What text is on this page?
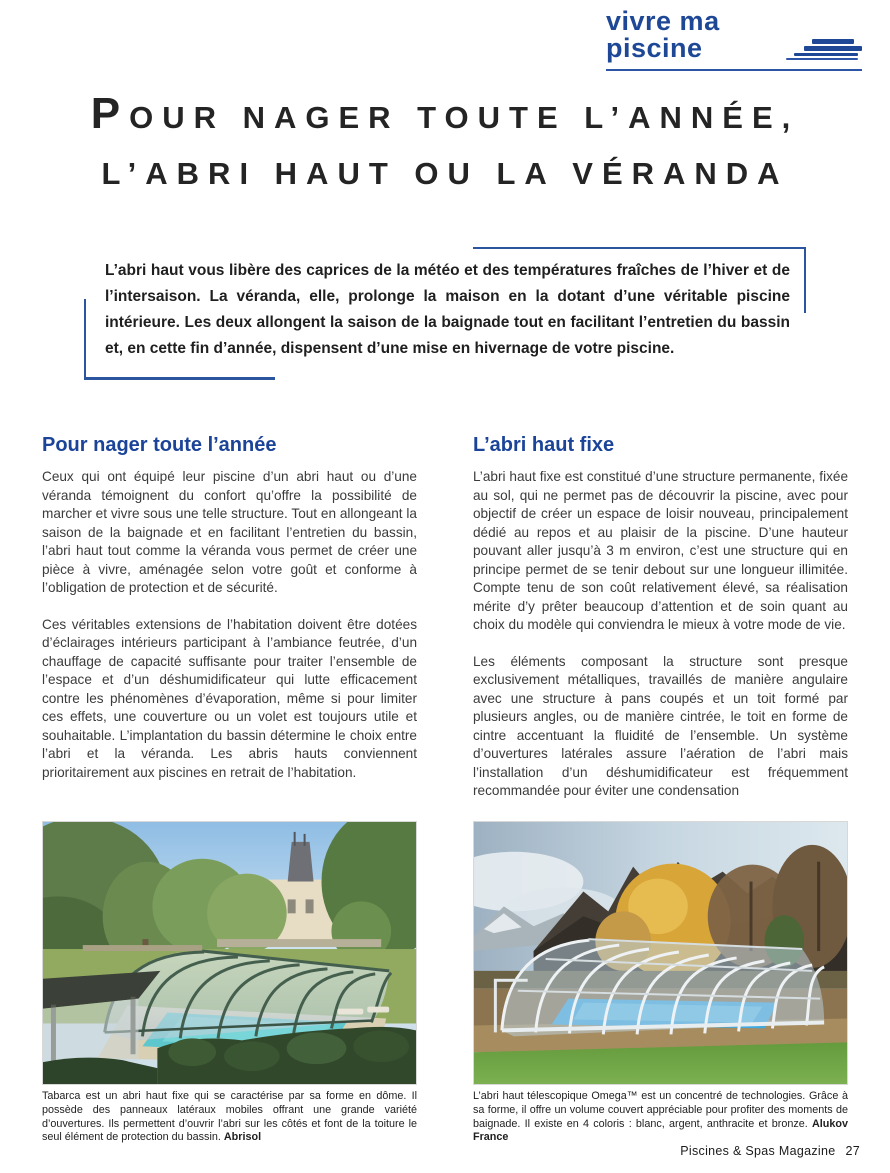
vivre ma piscine
POUR NAGER TOUTE L’ANNÉE,
L’ABRI HAUT OU LA VÉRANDA
L’abri haut vous libère des caprices de la météo et des températures fraîches de l’hiver et de l’intersaison. La véranda, elle, prolonge la maison en la dotant d’une véritable piscine intérieure. Les deux allongent la saison de la baignade tout en facilitant l’entretien du bassin et, en cette fin d’année, dispensent d’une mise en hivernage de votre piscine.
Pour nager toute l’année

Ceux qui ont équipé leur piscine d’un abri haut ou d’une véranda témoignent du confort qu’offre la possibilité de marcher et vivre sous une telle structure. Tout en allongeant la saison de la baignade et en facilitant l’entretien du bassin, l’abri haut tout comme la véranda vous permet de créer une pièce à vivre, aménagée selon votre goût et conforme à l’obligation de protection et de sécurité.

Ces véritables extensions de l’habitation doivent être dotées d’éclairages intérieurs participant à l’ambiance feutrée, d’un chauffage de capacité suffisante pour traiter l’ensemble de l’espace et d’un déshumidificateur qui lutte efficacement contre les phénomènes d’évaporation, même si pour limiter ces effets, une couverture ou un volet est toujours utile et souhaitable. L’implantation du bassin détermine le choix entre l’abri et la véranda. Les abris hauts conviennent prioritairement aux piscines en retrait de l’habitation.

L’abri haut fixe

L’abri haut fixe est constitué d’une structure permanente, fixée au sol, qui ne permet pas de découvrir la piscine, avec pour objectif de créer un espace de loisir nouveau, principalement dédié au repos et au plaisir de la piscine. D’une hauteur pouvant aller jusqu’à 3 m environ, c’est une structure qui en principe permet de se tenir debout sur une longueur illimitée. Compte tenu de son coût relativement élevé, sa réalisation mérite d’y prêter beaucoup d’attention et de soin quant au choix du modèle qui conviendra le mieux à votre mode de vie.

Les éléments composant la structure sont presque exclusivement métalliques, travaillés de manière angulaire avec une structure à pans coupés et un toit formé par plusieurs angles, ou de manière cintrée, le toit en forme de cintre accentuant la fluidité de l’ensemble. Un système d’ouvertures latérales assure l’aération de l’abri mais l’installation d’un déshumidificateur est fréquemment recommandée pour éviter une condensation

Tabarca est un abri haut fixe qui se caractérise par sa forme en dôme. Il possède des panneaux latéraux mobiles offrant une grande variété d’ouvertures. Ils permettent d’ouvrir l’abri sur les côtés et font de la toiture le seul élément de protection du bassin. Abrisol
L’abri haut télescopique Omega™ est un concentré de technologies. Grâce à sa forme, il offre un volume couvert appréciable pour profiter des moments de baignade. Il existe en 4 coloris : blanc, argent, anthracite et bronze. Alukov France
Piscines & Spas Magazine 27
